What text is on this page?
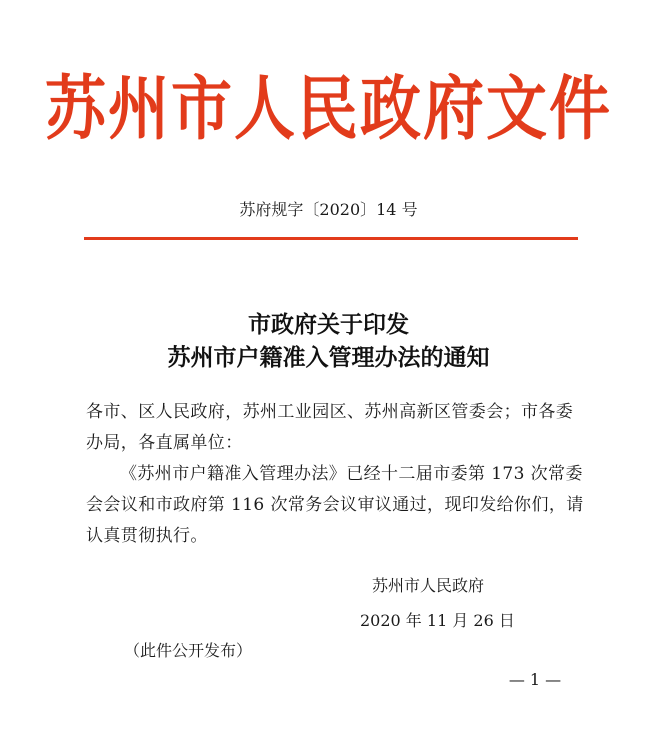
苏州市人民政府文件
苏府规字〔2020〕14 号
市政府关于印发
苏州市户籍准入管理办法的通知
各市、区人民政府，苏州工业园区、苏州高新区管委会；市各委办局，各直属单位：
《苏州市户籍准入管理办法》已经十二届市委第 173 次常委会会议和市政府第 116 次常务会议审议通过，现印发给你们，请认真贯彻执行。
苏州市人民政府
2020 年 11 月 26 日
（此件公开发布）
— 1 —
